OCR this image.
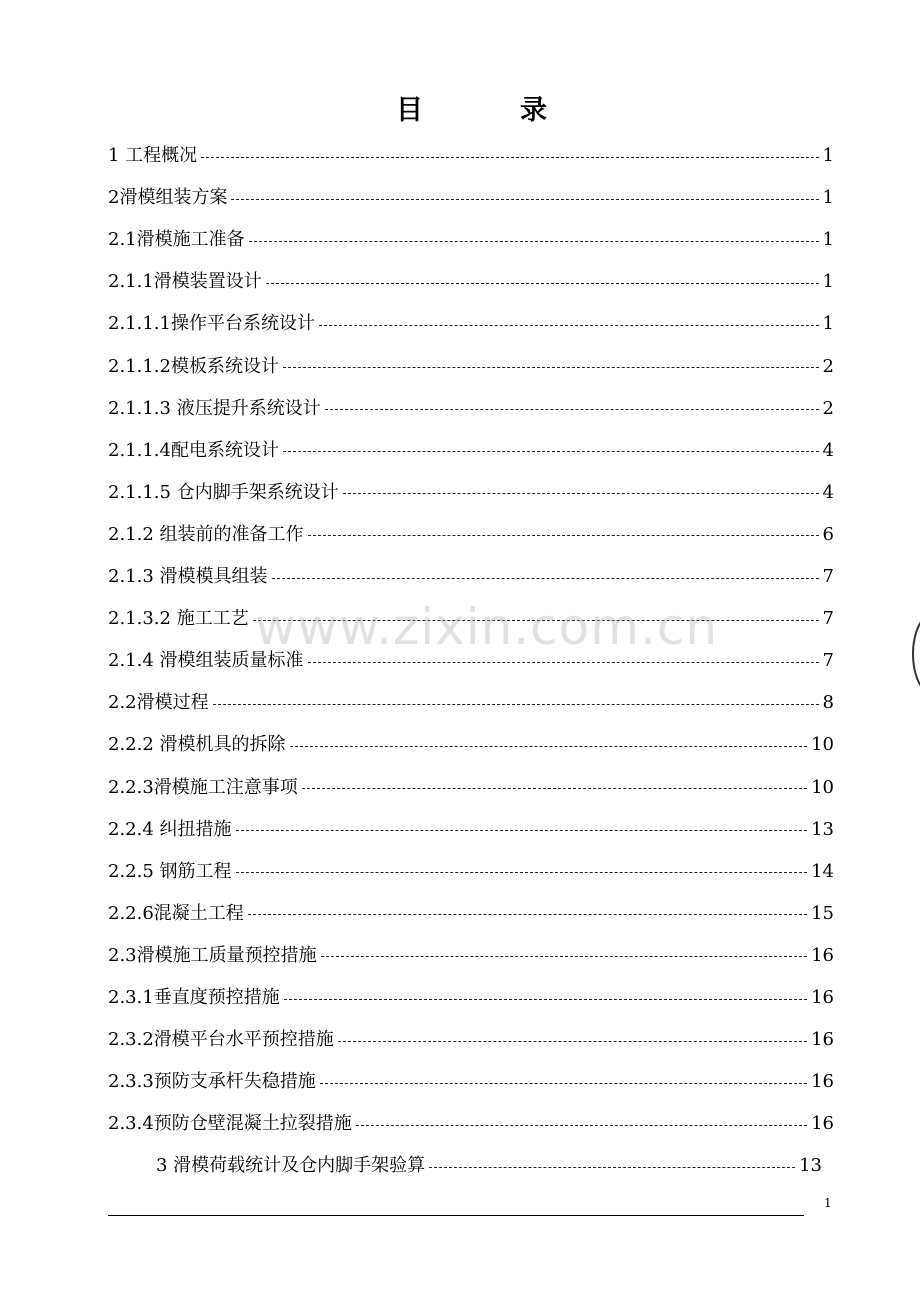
目	录
1 工程概况	1
2滑模组装方案	1
2.1滑模施工准备	1
2.1.1滑模装置设计	1
2.1.1.1操作平台系统设计	1
2.1.1.2模板系统设计	2
2.1.1.3 液压提升系统设计	2
2.1.1.4配电系统设计	4
2.1.1.5 仓内脚手架系统设计	4
2.1.2 组装前的准备工作	6
2.1.3 滑模模具组装	7
2.1.3.2 施工工艺	7
2.1.4 滑模组装质量标准	7
2.2滑模过程	8
2.2.2 滑模机具的拆除	10
2.2.3滑模施工注意事项	10
2.2.4 纠扭措施	13
2.2.5 钢筋工程	14
2.2.6混凝土工程	15
2.3滑模施工质量预控措施	16
2.3.1垂直度预控措施	16
2.3.2滑模平台水平预控措施	16
2.3.3预防支承杆失稳措施	16
2.3.4预防仓壁混凝土拉裂措施	16
3 滑模荷载统计及仓内脚手架验算	13
www.zixin.com.cn
1
